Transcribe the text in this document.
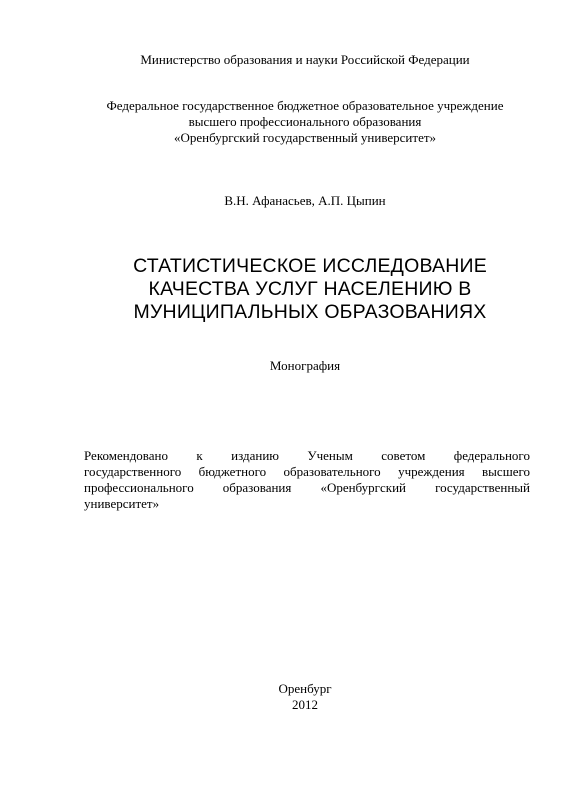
Министерство образования и науки Российской Федерации
Федеральное государственное бюджетное образовательное учреждение
высшего профессионального образования
«Оренбургский государственный университет»
В.Н. Афанасьев, А.П. Цыпин
СТАТИСТИЧЕСКОЕ ИССЛЕДОВАНИЕ
КАЧЕСТВА УСЛУГ НАСЕЛЕНИЮ В
МУНИЦИПАЛЬНЫХ ОБРАЗОВАНИЯХ
Монография
Рекомендовано к изданию Ученым советом федерального
государственного бюджетного образовательного учреждения высшего
профессионального образования «Оренбургский государственный
университет»
Оренбург
2012
